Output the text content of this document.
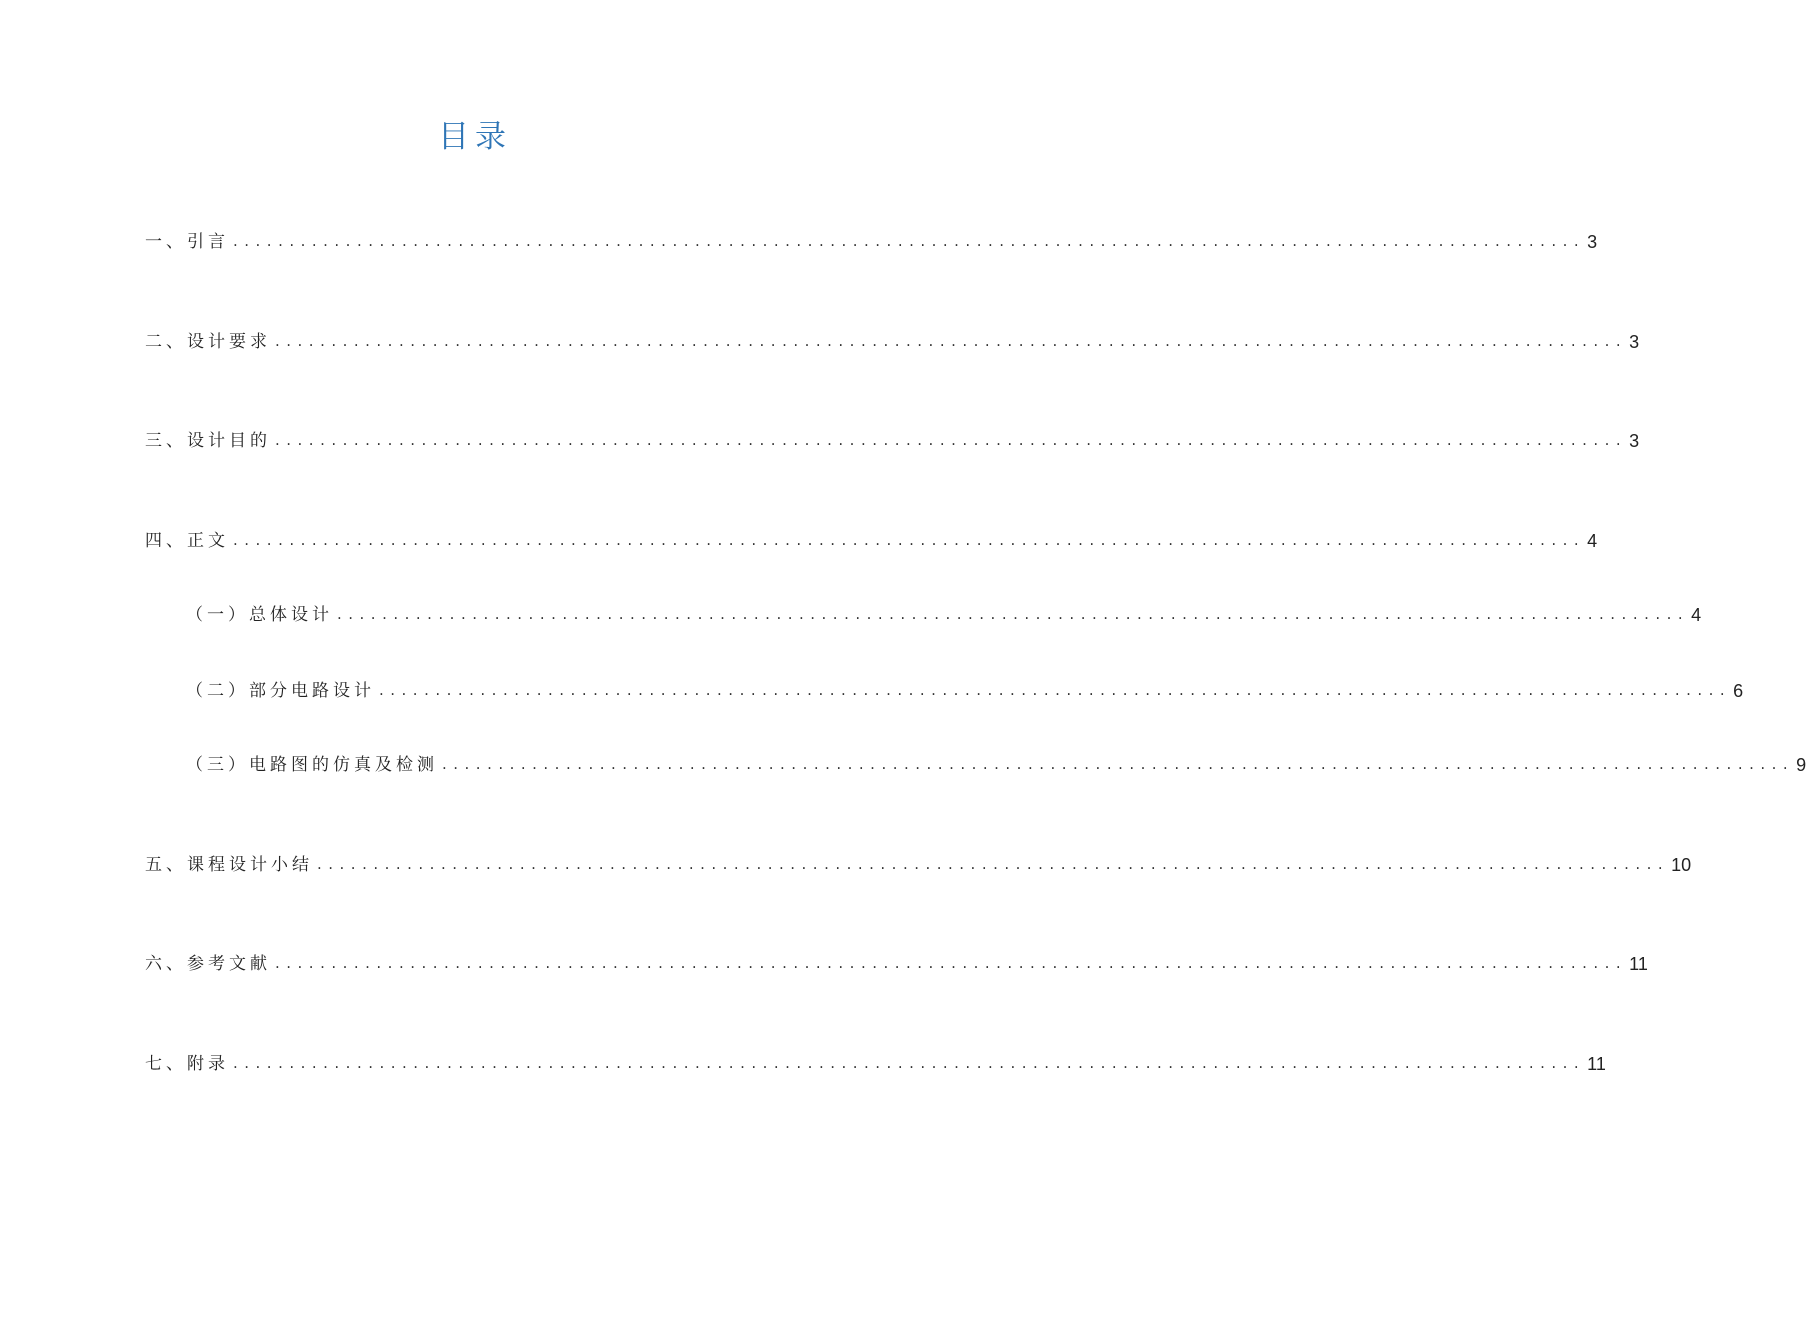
目录
一、引言 ........................................................................................................................ 3
二、设计要求 ........................................................................................................................ 3
三、设计目的 ........................................................................................................................ 3
四、正文 ........................................................................................................................ 4
（一）总体设计 ........................................................................................................................ 4
（二）部分电路设计 ........................................................................................................................ 6
（三）电路图的仿真及检测 ........................................................................................................................ 9
五、课程设计小结 ........................................................................................................................ 10
六、参考文献 ........................................................................................................................ 11
七、附录 ........................................................................................................................ 11
